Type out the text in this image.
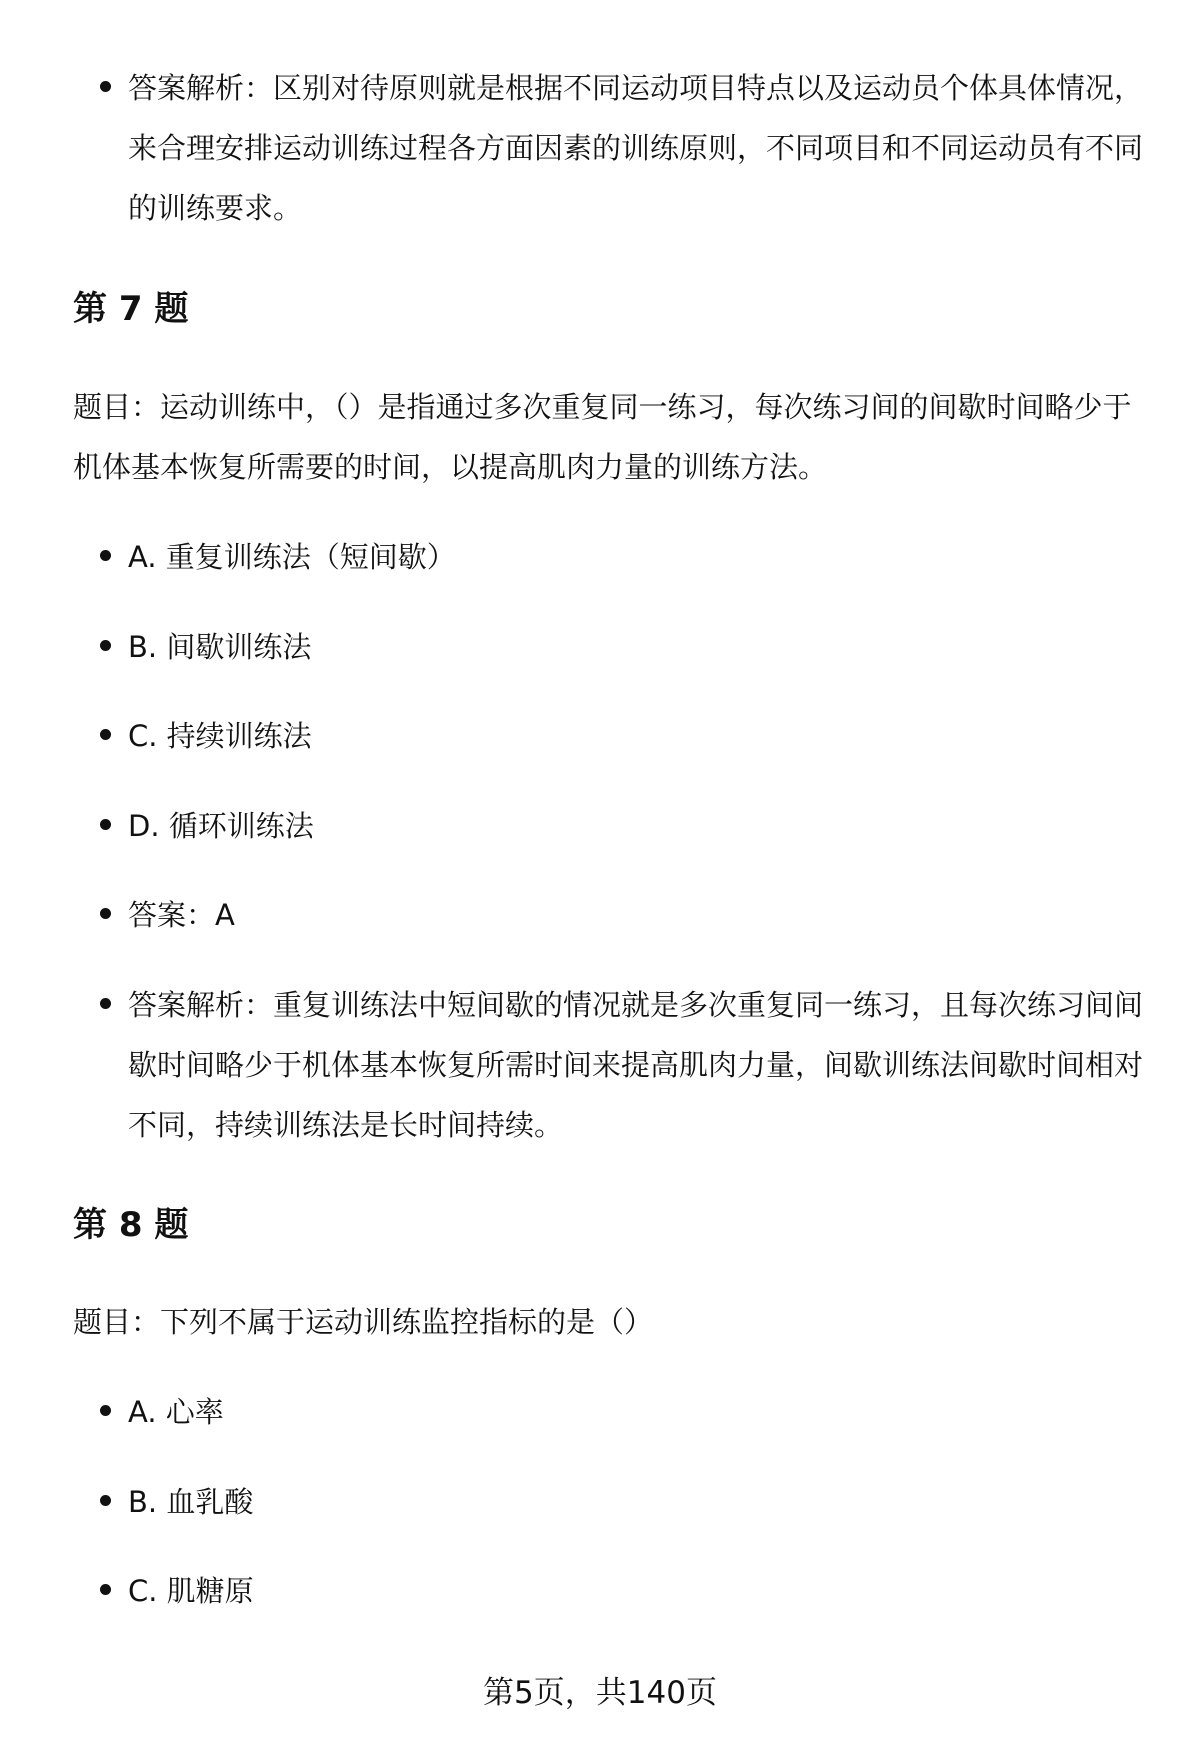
答案解析：区别对待原则就是根据不同运动项目特点以及运动员个体具体情况，来合理安排运动训练过程各方面因素的训练原则，不同项目和不同运动员有不同的训练要求。
第 7 题
题目：运动训练中，（）是指通过多次重复同一练习，每次练习间的间歇时间略少于机体基本恢复所需要的时间，以提高肌肉力量的训练方法。
A. 重复训练法（短间歇）
B. 间歇训练法
C. 持续训练法
D. 循环训练法
答案：A
答案解析：重复训练法中短间歇的情况就是多次重复同一练习，且每次练习间间歇时间略少于机体基本恢复所需时间来提高肌肉力量，间歇训练法间歇时间相对不同，持续训练法是长时间持续。
第 8 题
题目：下列不属于运动训练监控指标的是（）
A. 心率
B. 血乳酸
C. 肌糖原
第5页，共140页
